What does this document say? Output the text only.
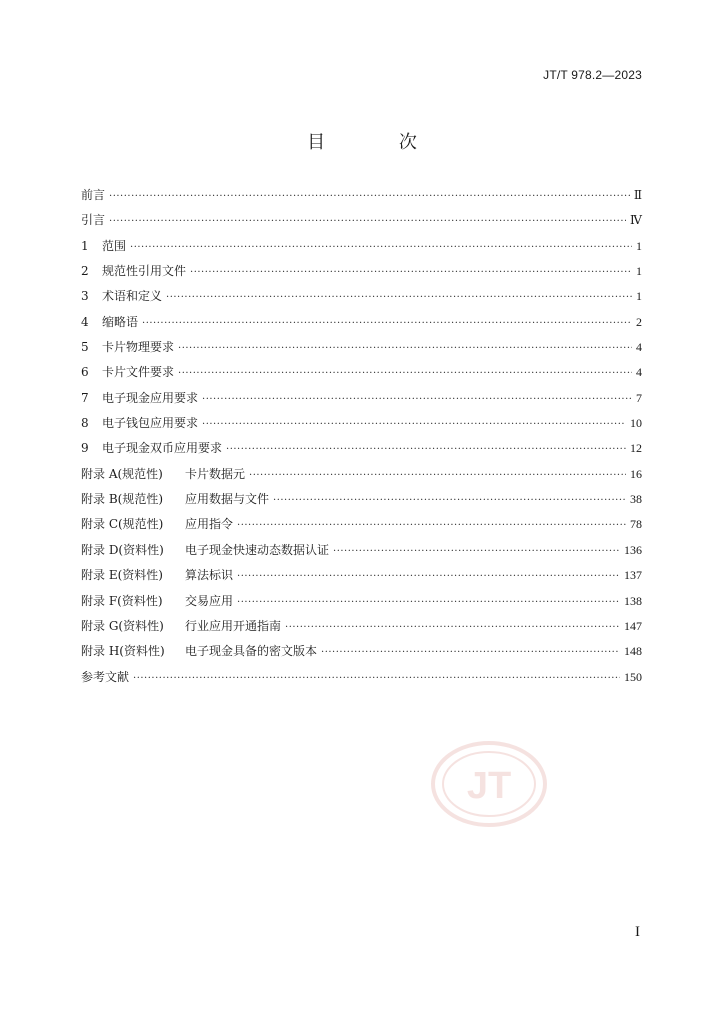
JT/T 978.2—2023
目 次
前言 ·····	Ⅱ
引言 ·····	Ⅳ
1	范围 ·····	1
2	规范性引用文件 ·····	1
3	术语和定义 ·····	1
4	缩略语 ·····	2
5	卡片物理要求 ·····	4
6	卡片文件要求 ·····	4
7	电子现金应用要求 ·····	7
8	电子钱包应用要求 ·····	10
9	电子现金双币应用要求 ·····	12
附录 A(规范性)	卡片数据元 ·····	16
附录 B(规范性)	应用数据与文件 ·····	38
附录 C(规范性)	应用指令 ·····	78
附录 D(资料性)	电子现金快速动态数据认证 ·····	136
附录 E(资料性)	算法标识 ·····	137
附录 F(资料性)	交易应用 ·····	138
附录 G(资料性)	行业应用开通指南 ·····	147
附录 H(资料性)	电子现金具备的密文版本 ·····	148
参考文献 ·····	150
JT
I
